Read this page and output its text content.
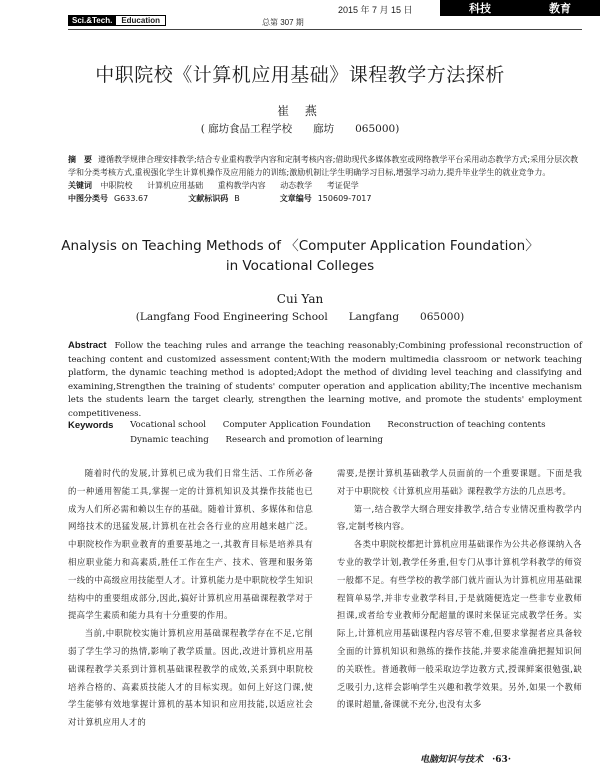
2015 年 7 月 15 日	科技	教育
Sci.&Tech.	Education	总第 307 期
中职院校《计算机应用基础》课程教学方法探析
崔 燕
( 廊坊食品工程学校　　廊坊　　065000)
摘　要 遵循教学规律合理安排教学;结合专业重构教学内容和定制考核内容;借助现代多媒体教室或网络教学平台采用动态教学方式;采用分层次教学和分类考核方式,重视强化学生计算机操作及应用能力的训练;激励机制让学生明确学习目标,增强学习动力,提升毕业学生的就业竞争力。
关键词 中职院校 计算机应用基础 重构教学内容 动态教学 考证促学
中图分类号 G633.67	文献标识码 B	文章编号 150609-7017
Analysis on Teaching Methods of 〈Computer Application Foundation〉
in Vocational Colleges
Cui Yan
(Langfang Food Engineering School　　Langfang　　065000)
Abstract Follow the teaching rules and arrange the teaching reasonably;Combining professional reconstruction of teaching content and customized assessment content;With the modern multimedia classroom or network teaching platform, the dynamic teaching method is adopted;Adopt the method of dividing level teaching and classifying and examining,Strengthen the training of students' computer operation and application ability;The incentive mechanism lets the students learn the target clearly, strengthen the learning motive, and promote the students' employment competitiveness.
Keywords	Vocational school Computer Application Foundation Reconstruction of teaching contents
Dynamic teaching Research and promotion of learning

随着时代的发展,计算机已成为我们日常生活、工作所必备的一种通用智能工具,掌握一定的计算机知识及其操作技能也已成为人们所必需和赖以生存的基础。随着计算机、多媒体和信息网络技术的迅猛发展,计算机在社会各行业的应用越来越广泛。中职院校作为职业教育的重要基地之一,其教育目标是培养具有相应职业能力和高素质,胜任工作在生产、技术、管理和服务第一线的中高级应用技能型人才。计算机能力是中职院校学生知识结构中的重要组成部分,因此,搞好计算机应用基础课程教学对于提高学生素质和能力具有十分重要的作用。

当前,中职院校实施计算机应用基础课程教学存在不足,它削弱了学生学习的热情,影响了教学质量。因此,改进计算机应用基础课程教学关系到计算机基础课程教学的成效,关系到中职院校培养合格的、高素质技能人才的目标实现。如何上好这门课,使学生能够有效地掌握计算机的基本知识和应用技能,以适应社会对计算机应用人才的

需要,是摆计算机基础教学人员面前的一个重要课题。下面是我对于中职院校《计算机应用基础》课程教学方法的几点思考。

第一,结合教学大纲合理安排教学,结合专业情况重构教学内容,定制考核内容。

各类中职院校都把计算机应用基础课作为公共必修课纳入各专业的教学计划,教学任务重,但专门从事计算机学科教学的师资一般都不足。有些学校的教学部门就片面认为计算机应用基础课程简单易学,并非专业教学科目,于是就随便选定一些非专业教师担课,或者给专业教师分配超量的课时来保证完成教学任务。实际上,计算机应用基础课程内容尽管不难,但要求掌握者应具备较全面的计算机知识和熟练的操作技能,并要求能准确把握知识间的关联性。普通教师一般采取边学边教方式,授课鲜案很勉强,缺乏吸引力,这样会影响学生兴趣和教学效果。另外,如果一个教师的课时超量,备课就不充分,也没有太多

电脑知识与技术 ·63·
